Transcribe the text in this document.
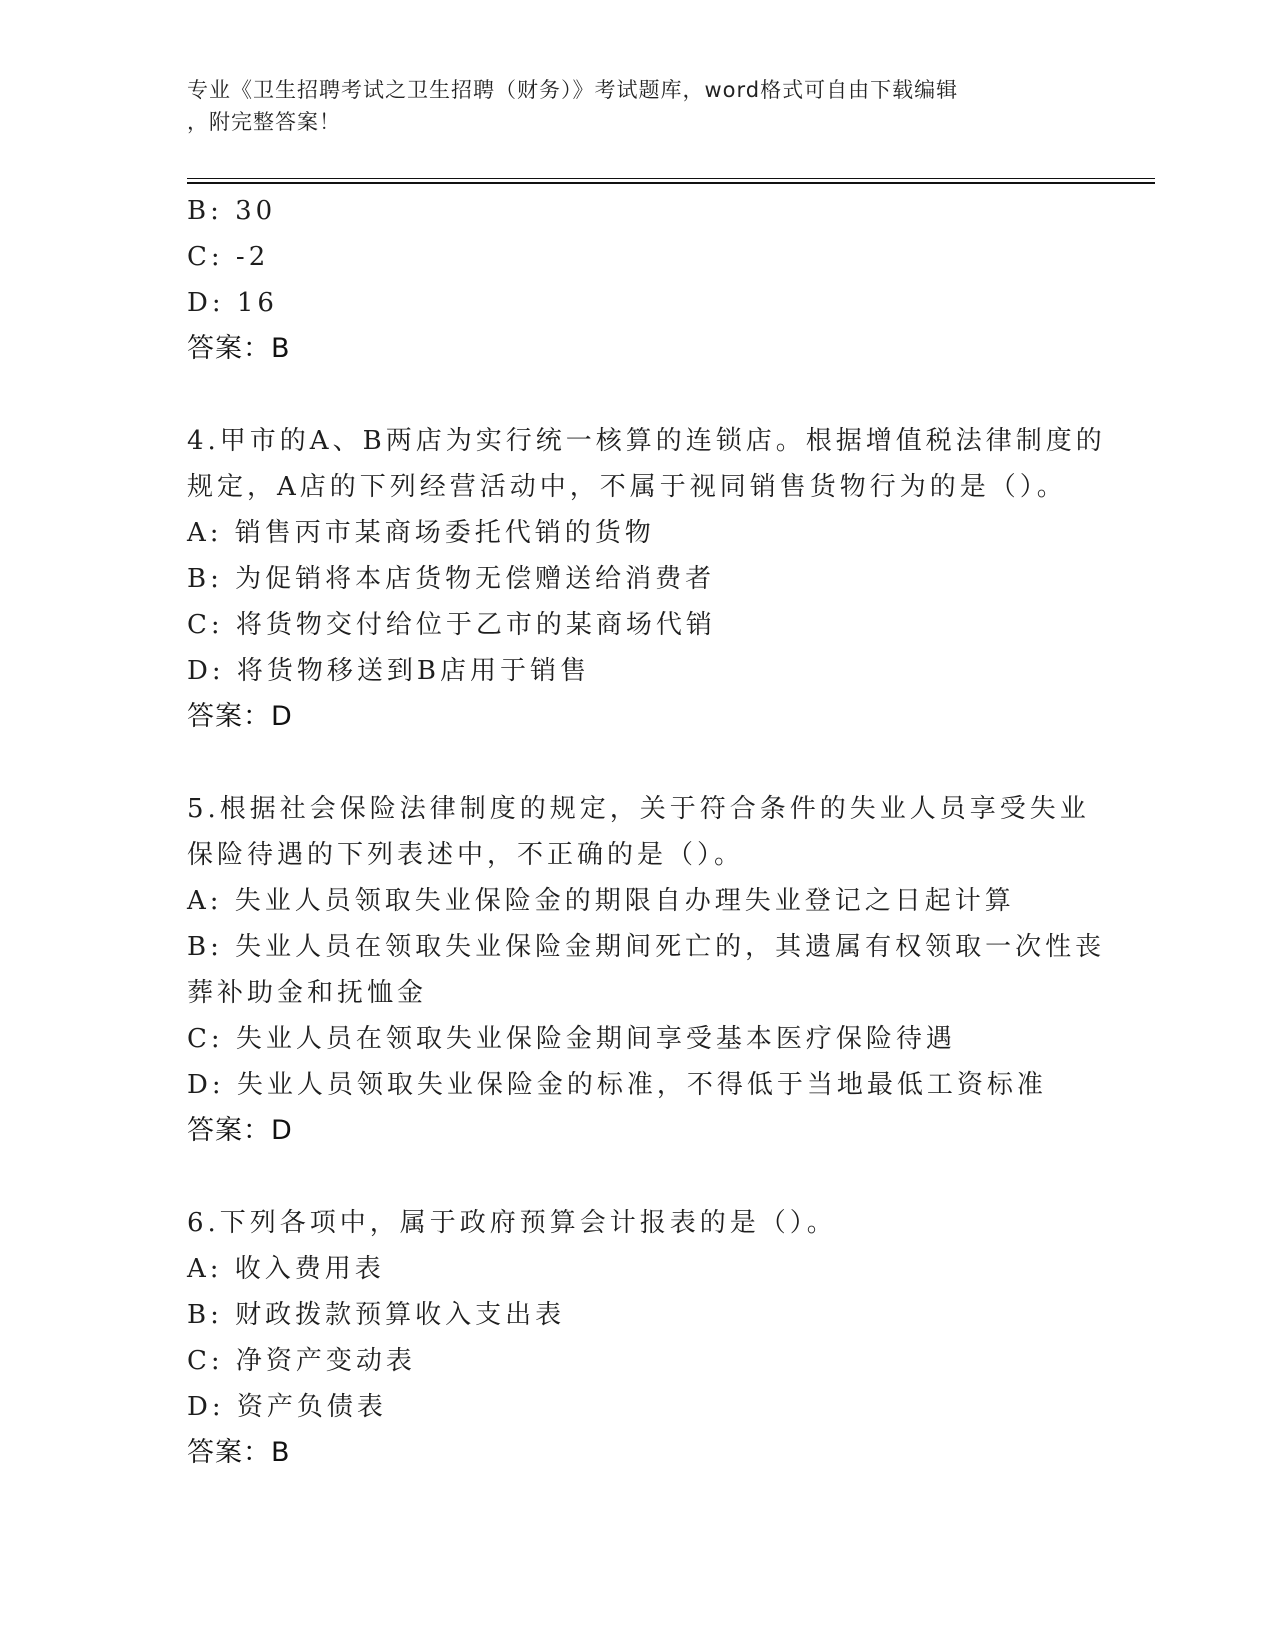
专业《卫生招聘考试之卫生招聘（财务）》考试题库，word格式可自由下载编辑
，附完整答案！

B: 30

C: -2

D: 16

答案：B

4.甲市的A、B两店为实行统一核算的连锁店。根据增值税法律制度的

规定，A店的下列经营活动中，不属于视同销售货物行为的是（）。

A: 销售丙市某商场委托代销的货物

B: 为促销将本店货物无偿赠送给消费者

C: 将货物交付给位于乙市的某商场代销

D: 将货物移送到B店用于销售

答案：D

5.根据社会保险法律制度的规定，关于符合条件的失业人员享受失业

保险待遇的下列表述中，不正确的是（）。

A: 失业人员领取失业保险金的期限自办理失业登记之日起计算

B: 失业人员在领取失业保险金期间死亡的，其遗属有权领取一次性丧

葬补助金和抚恤金

C: 失业人员在领取失业保险金期间享受基本医疗保险待遇

D: 失业人员领取失业保险金的标准，不得低于当地最低工资标准

答案：D

6.下列各项中，属于政府预算会计报表的是（）。

A: 收入费用表

B: 财政拨款预算收入支出表

C: 净资产变动表

D: 资产负债表

答案：B
